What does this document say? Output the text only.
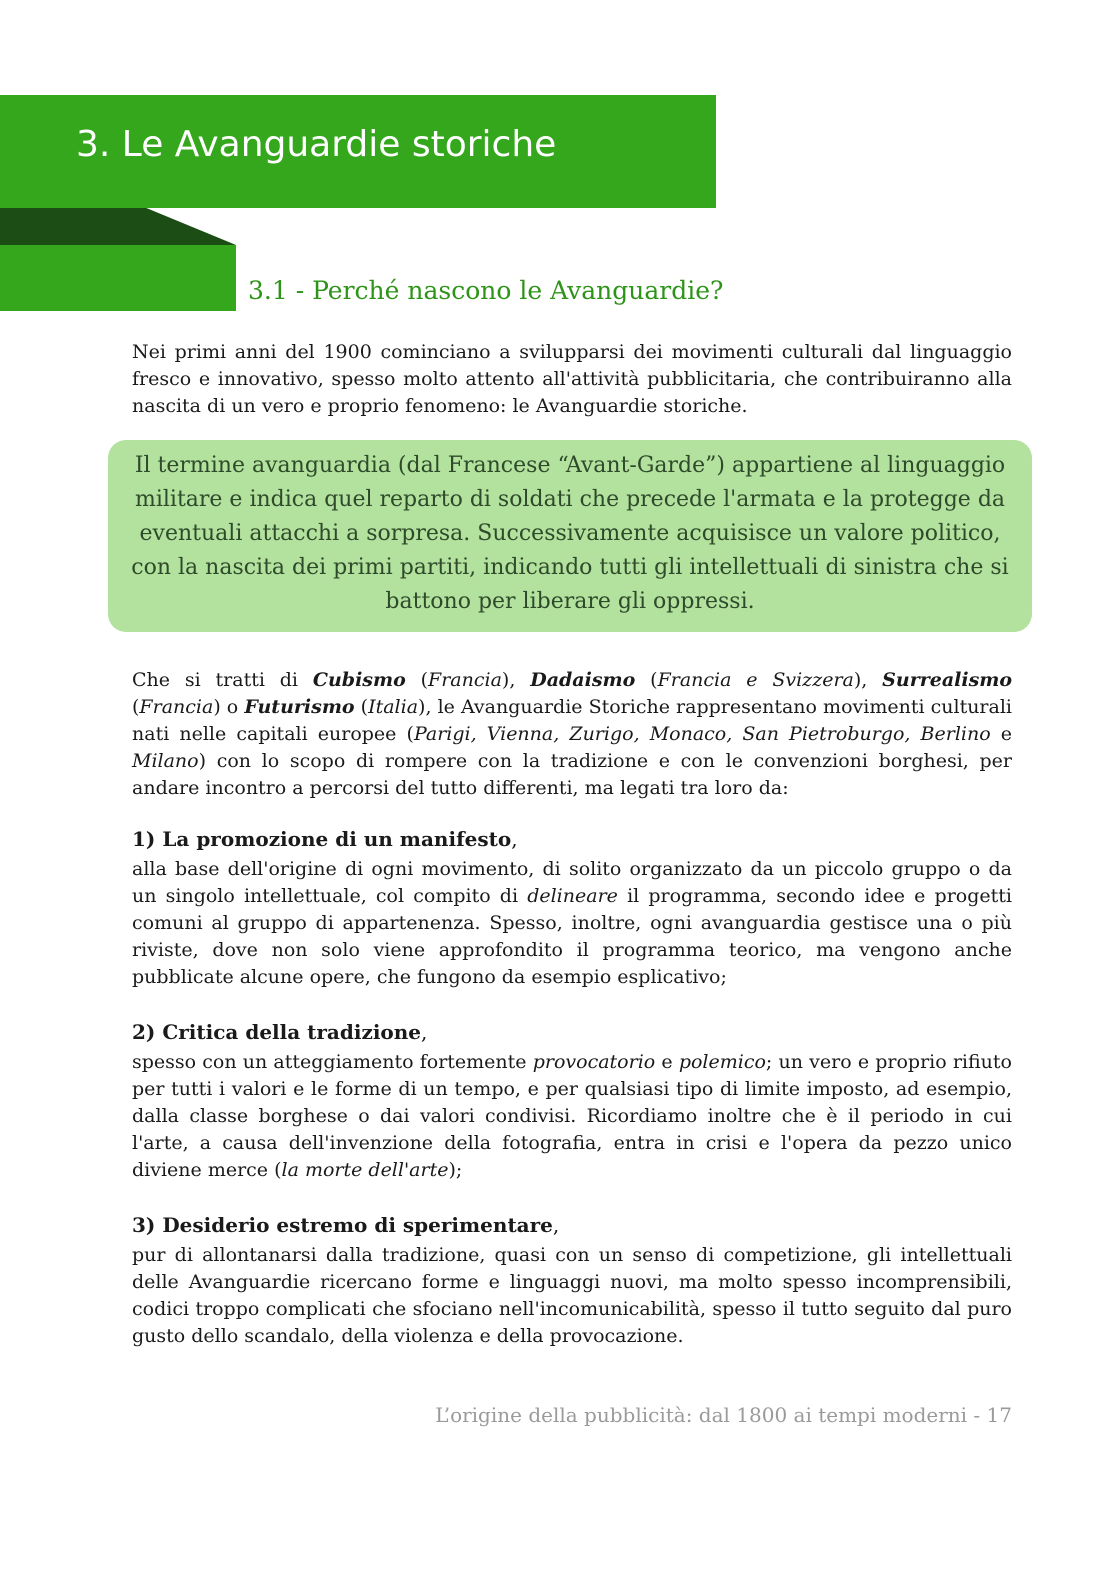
3. Le Avanguardie storiche
3.1 - Perché nascono le Avanguardie?

Nei primi anni del 1900 cominciano a svilupparsi dei movimenti culturali dal linguaggio fresco e innovativo, spesso molto attento all'attività pubblicitaria, che contribuiranno alla nascita di un vero e proprio fenomeno: le Avanguardie storiche.

Il termine avanguardia (dal Francese “Avant-Garde”) appartiene al linguaggio militare e indica quel reparto di soldati che precede l'armata e la protegge da eventuali attacchi a sorpresa. Successivamente acquisisce un valore politico, con la nascita dei primi partiti, indicando tutti gli intellettuali di sinistra che si battono per liberare gli oppressi.

Che si tratti di Cubismo (Francia), Dadaismo (Francia e Svizzera), Surrealismo (Francia) o Futurismo (Italia), le Avanguardie Storiche rappresentano movimenti culturali nati nelle capitali europee (Parigi, Vienna, Zurigo, Monaco, San Pietroburgo, Berlino e Milano) con lo scopo di rompere con la tradizione e con le convenzioni borghesi, per andare incontro a percorsi del tutto differenti, ma legati tra loro da:

1) La promozione di un manifesto,

alla base dell'origine di ogni movimento, di solito organizzato da un piccolo gruppo o da un singolo intellettuale, col compito di delineare il programma, secondo idee e progetti comuni al gruppo di appartenenza. Spesso, inoltre, ogni avanguardia gestisce una o più riviste, dove non solo viene approfondito il programma teorico, ma vengono anche pubblicate alcune opere, che fungono da esempio esplicativo;

2) Critica della tradizione,

spesso con un atteggiamento fortemente provocatorio e polemico; un vero e proprio rifiuto per tutti i valori e le forme di un tempo, e per qualsiasi tipo di limite imposto, ad esempio, dalla classe borghese o dai valori condivisi. Ricordiamo inoltre che è il periodo in cui l'arte, a causa dell'invenzione della fotografia, entra in crisi e l'opera da pezzo unico diviene merce (la morte dell'arte);

3) Desiderio estremo di sperimentare,

pur di allontanarsi dalla tradizione, quasi con un senso di competizione, gli intellettuali delle Avanguardie ricercano forme e linguaggi nuovi, ma molto spesso incomprensibili, codici troppo complicati che sfociano nell'incomunicabilità, spesso il tutto seguito dal puro gusto dello scandalo, della violenza e della provocazione.

L’origine della pubblicità: dal 1800 ai tempi moderni - 17
